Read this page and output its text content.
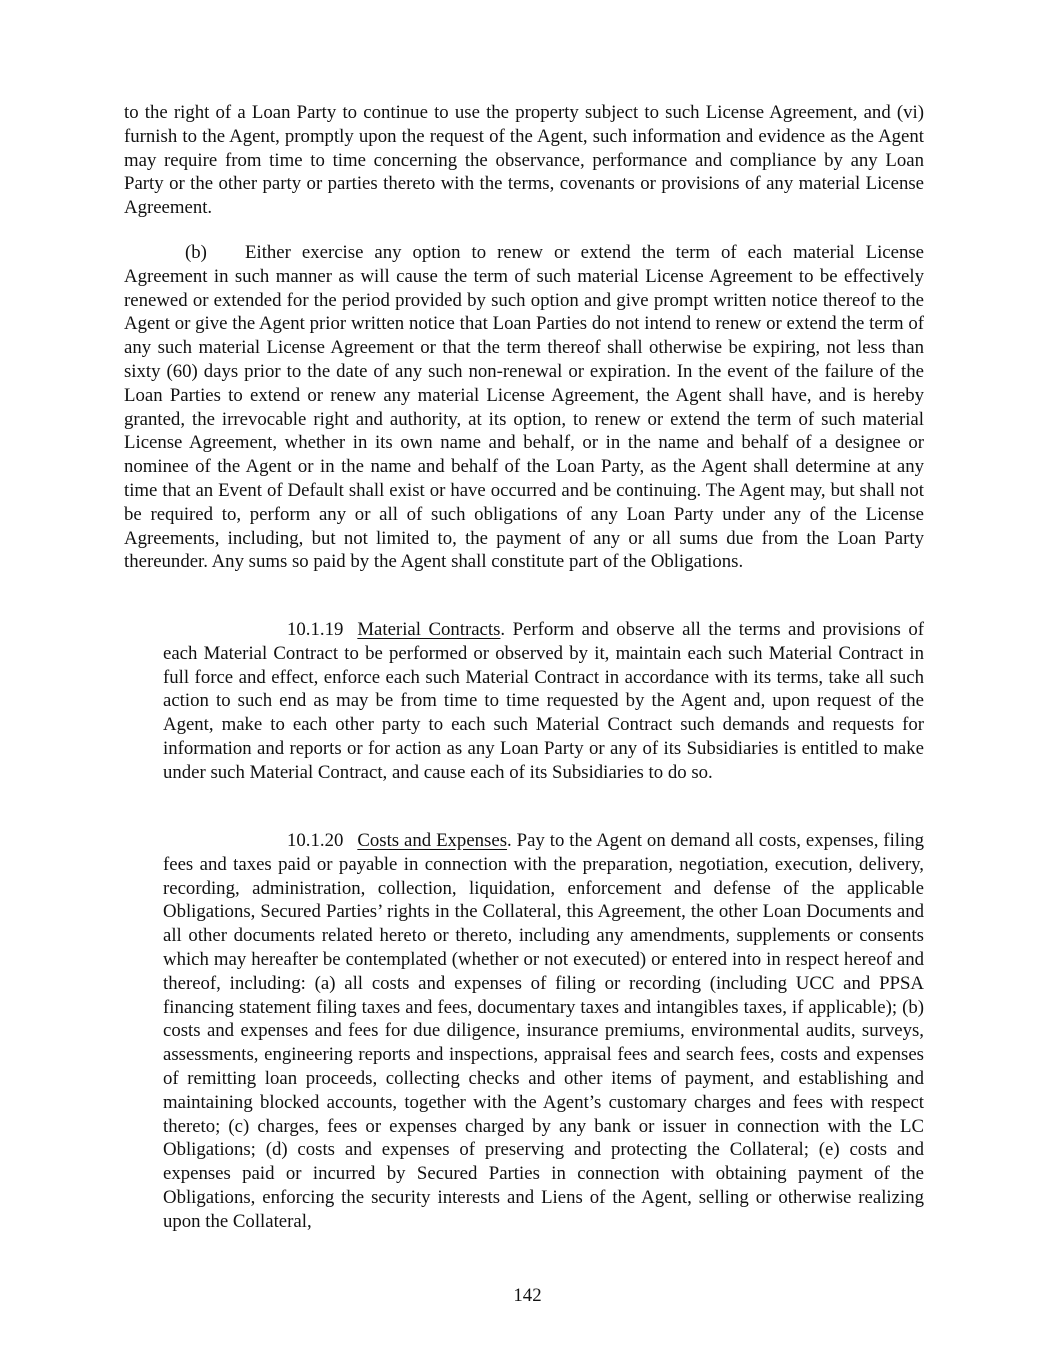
to the right of a Loan Party to continue to use the property subject to such License Agreement, and (vi) furnish to the Agent, promptly upon the request of the Agent, such information and evidence as the Agent may require from time to time concerning the observance, performance and compliance by any Loan Party or the other party or parties thereto with the terms, covenants or provisions of any material License Agreement.

(b) Either exercise any option to renew or extend the term of each material License Agreement in such manner as will cause the term of such material License Agreement to be effectively renewed or extended for the period provided by such option and give prompt written notice thereof to the Agent or give the Agent prior written notice that Loan Parties do not intend to renew or extend the term of any such material License Agreement or that the term thereof shall otherwise be expiring, not less than sixty (60) days prior to the date of any such non-renewal or expiration. In the event of the failure of the Loan Parties to extend or renew any material License Agreement, the Agent shall have, and is hereby granted, the irrevocable right and authority, at its option, to renew or extend the term of such material License Agreement, whether in its own name and behalf, or in the name and behalf of a designee or nominee of the Agent or in the name and behalf of the Loan Party, as the Agent shall determine at any time that an Event of Default shall exist or have occurred and be continuing. The Agent may, but shall not be required to, perform any or all of such obligations of any Loan Party under any of the License Agreements, including, but not limited to, the payment of any or all sums due from the Loan Party thereunder. Any sums so paid by the Agent shall constitute part of the Obligations.

10.1.19 Material Contracts. Perform and observe all the terms and provisions of each Material Contract to be performed or observed by it, maintain each such Material Contract in full force and effect, enforce each such Material Contract in accordance with its terms, take all such action to such end as may be from time to time requested by the Agent and, upon request of the Agent, make to each other party to each such Material Contract such demands and requests for information and reports or for action as any Loan Party or any of its Subsidiaries is entitled to make under such Material Contract, and cause each of its Subsidiaries to do so.

10.1.20 Costs and Expenses. Pay to the Agent on demand all costs, expenses, filing fees and taxes paid or payable in connection with the preparation, negotiation, execution, delivery, recording, administration, collection, liquidation, enforcement and defense of the applicable Obligations, Secured Parties’ rights in the Collateral, this Agreement, the other Loan Documents and all other documents related hereto or thereto, including any amendments, supplements or consents which may hereafter be contemplated (whether or not executed) or entered into in respect hereof and thereof, including: (a) all costs and expenses of filing or recording (including UCC and PPSA financing statement filing taxes and fees, documentary taxes and intangibles taxes, if applicable); (b) costs and expenses and fees for due diligence, insurance premiums, environmental audits, surveys, assessments, engineering reports and inspections, appraisal fees and search fees, costs and expenses of remitting loan proceeds, collecting checks and other items of payment, and establishing and maintaining blocked accounts, together with the Agent’s customary charges and fees with respect thereto; (c) charges, fees or expenses charged by any bank or issuer in connection with the LC Obligations; (d) costs and expenses of preserving and protecting the Collateral; (e) costs and expenses paid or incurred by Secured Parties in connection with obtaining payment of the Obligations, enforcing the security interests and Liens of the Agent, selling or otherwise realizing upon the Collateral,

142
